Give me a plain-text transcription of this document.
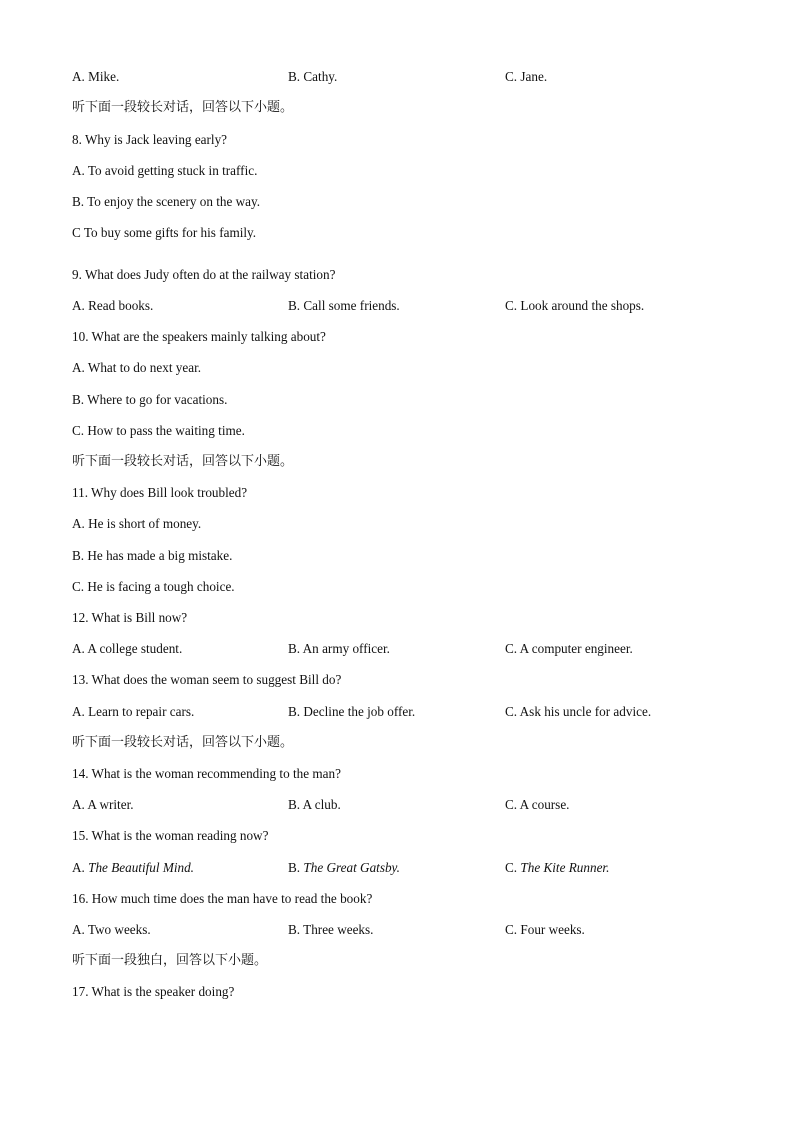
A. Mike.	B. Cathy.	C. Jane.
听下面一段较长对话，回答以下小题。
8. Why is Jack leaving early?
A. To avoid getting stuck in traffic.
B. To enjoy the scenery on the way.
C To buy some gifts for his family.
9. What does Judy often do at the railway station?
A. Read books.	B. Call some friends.	C. Look around the shops.
10. What are the speakers mainly talking about?
A. What to do next year.
B. Where to go for vacations.
C. How to pass the waiting time.
听下面一段较长对话，回答以下小题。
11. Why does Bill look troubled?
A. He is short of money.
B. He has made a big mistake.
C. He is facing a tough choice.
12. What is Bill now?
A. A college student.	B. An army officer.	C. A computer engineer.
13. What does the woman seem to suggest Bill do?
A. Learn to repair cars.	B. Decline the job offer.	C. Ask his uncle for advice.
听下面一段较长对话，回答以下小题。
14. What is the woman recommending to the man?
A. A writer.	B. A club.	C. A course.
15. What is the woman reading now?
A. The Beautiful Mind.	B. The Great Gatsby.	C. The Kite Runner.
16. How much time does the man have to read the book?
A. Two weeks.	B. Three weeks.	C. Four weeks.
听下面一段独白，回答以下小题。
17. What is the speaker doing?
